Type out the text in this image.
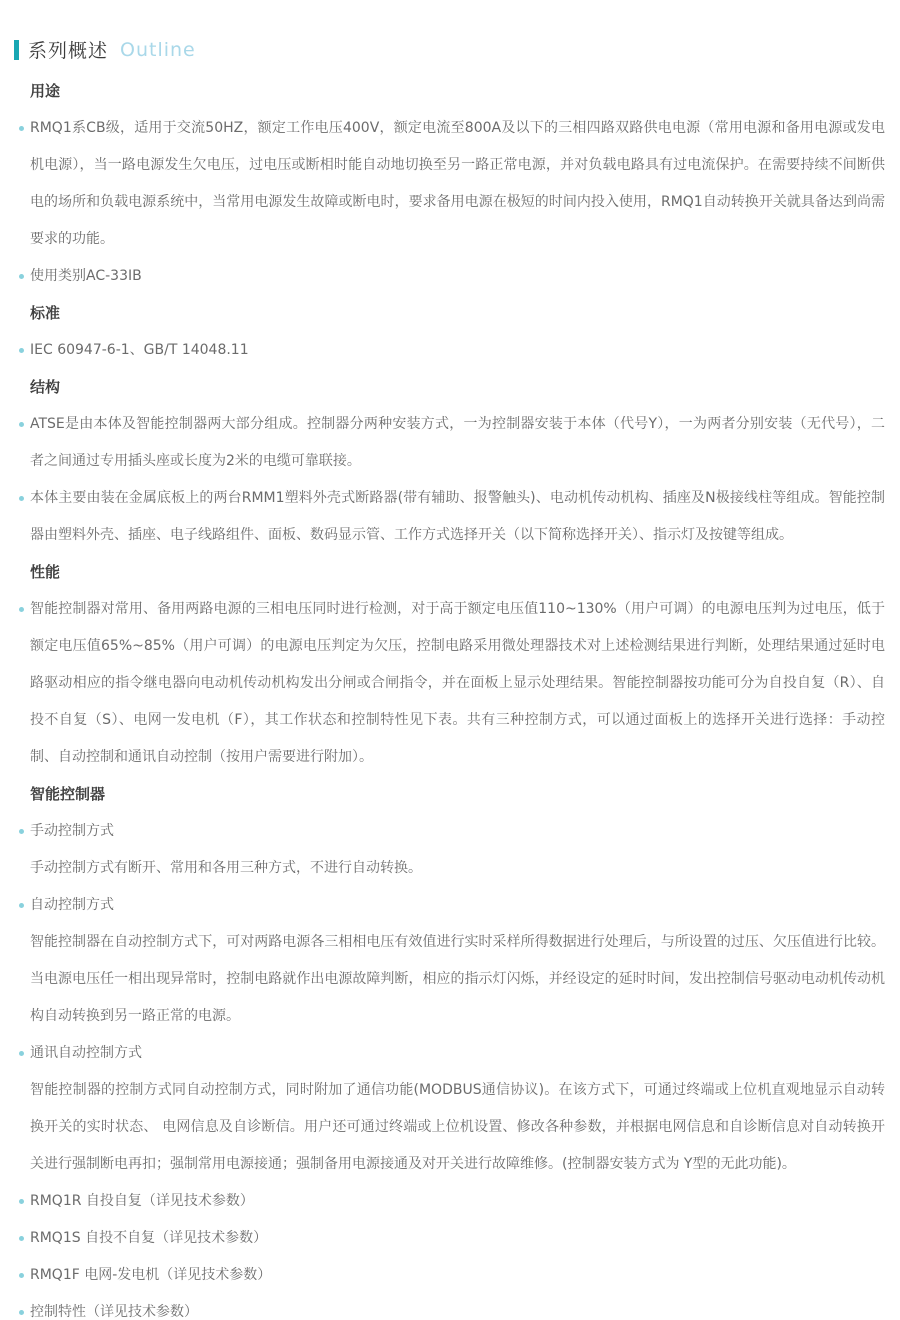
系列概述 Outline
用途
RMQ1系CB级，适用于交流50HZ，额定工作电压400V，额定电流至800A及以下的三相四路双路供电电源（常用电源和备用电源或发电机电源），当一路电源发生欠电压，过电压或断相时能自动地切换至另一路正常电源，并对负载电路具有过电流保护。在需要持续不间断供电的场所和负载电源系统中，当常用电源发生故障或断电时，要求备用电源在极短的时间内投入使用，RMQ1自动转换开关就具备达到尚需要求的功能。
使用类别AC-33IB
标准
IEC 60947-6-1、GB/T 14048.11
结构
ATSE是由本体及智能控制器两大部分组成。控制器分两种安装方式，一为控制器安装于本体（代号Y），一为两者分别安装（无代号），二者之间通过专用插头座或长度为2米的电缆可靠联接。
本体主要由装在金属底板上的两台RMM1塑料外壳式断路器(带有辅助、报警触头)、电动机传动机构、插座及N极接线柱等组成。智能控制器由塑料外壳、插座、电子线路组件、面板、数码显示管、工作方式选择开关（以下简称选择开关）、指示灯及按键等组成。
性能
智能控制器对常用、备用两路电源的三相电压同时进行检测，对于高于额定电压值110~130%（用户可调）的电源电压判为过电压，低于额定电压值65%~85%（用户可调）的电源电压判定为欠压，控制电路采用微处理器技术对上述检测结果进行判断，处理结果通过延时电路驱动相应的指令继电器向电动机传动机构发出分闸或合闸指令，并在面板上显示处理结果。智能控制器按功能可分为自投自复（R）、自投不自复（S）、电网一发电机（F），其工作状态和控制特性见下表。共有三种控制方式，可以通过面板上的选择开关进行选择：手动控制、自动控制和通讯自动控制（按用户需要进行附加）。
智能控制器
手动控制方式
手动控制方式有断开、常用和各用三种方式，不进行自动转换。
自动控制方式
智能控制器在自动控制方式下，可对两路电源各三相相电压有效值进行实时采样所得数据进行处理后，与所设置的过压、欠压值进行比较。当电源电压任一相出现异常时，控制电路就作出电源故障判断，相应的指示灯闪烁，并经设定的延时时间，发出控制信号驱动电动机传动机构自动转换到另一路正常的电源。
通讯自动控制方式
智能控制器的控制方式同自动控制方式，同时附加了通信功能(MODBUS通信协议)。在该方式下，可通过终端或上位机直观地显示自动转换开关的实时状态、 电网信息及自诊断信。用户还可通过终端或上位机设置、修改各种参数，并根据电网信息和自诊断信息对自动转换开关进行强制断电再扣；强制常用电源接通；强制备用电源接通及对开关进行故障维修。(控制器安装方式为 Y型的无此功能)。
RMQ1R 自投自复（详见技术参数）
RMQ1S 自投不自复（详见技术参数）
RMQ1F 电网-发电机（详见技术参数）
控制特性（详见技术参数）
